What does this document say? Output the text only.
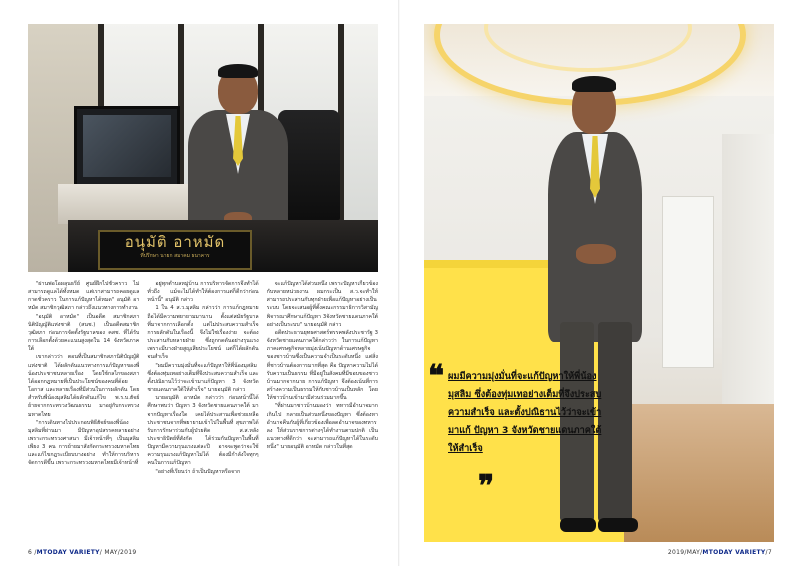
อนุมัติ อาหมัด
ที่ปรึกษา นายก สมาคม ธนาคาร

"ผ่านพ่อโอผลุนธรีย์ ศูนย์ฝึกไปชั่วคราว ไม่สามารถดูแลได้ทั้งหมด แต่เราสามารถคอยดูแลกาดชั่วคราว ในการแก้ปัญหาได้หมด" อนุมัติ อาหมัด สมาชิกวุฒิสภา กล่าวถึงแนวทางการทำงาน

"อนุมัติ อาหมัด" เป็นอดีต สมาชิกสภานิติบัญญัติแห่งชาติ (สนช.) เป็นอดีตสมาชิกวุฒิสภา ก่อนการจัดตั้งรัฐบาลของ คสช. ที่ได้รับการเลือกตั้งด้วยคะแนนสูงสุดใน 14 จังหวัดภาคใต้

เขากล่าวว่า ตอนที่เป็นสมาชิกสภานิติบัญญัติแห่งชาติ ได้ผลักดันแนวทางการแก้ปัญหาของพี่น้องประชาชนหลายเรื่อง โดยใช้กลไกของสภา ได้ออกกฎหมายที่เป็นประโยชน์ของคนที่ด้อยโอกาส และหลายเรื่องที่มีส่วนในการผลักดัน โดยสำหรับพี่น้องมุสลิมได้ผลักดันแก้ไข พ.ร.บ.ฮัจย์ ย้ายจากกระทรวงวัฒนธรรม มาอยู่กับกระทรวงมหาดไทย

"การเดินทางไปประกอบพิธีฮัจย์ของพี่น้องมุสลิมที่ผ่านมา มีปัญหาอุปสรรคหลายอย่าง เพราะกระทรวงศาสนา มีเจ้าหน้าที่ๆ เป็นมุสลิมเพียง 3 คน การย้ายมาสังกัดกระทรวงมหาดไทย และแก้ไขกฎระเบียบบางอย่าง ทำให้การบริหารจัดการดีขึ้น เพราะกระทรวงมหาดไทยมีเจ้าหน้าที่

อยู่ทุกตำบลหมู่บ้าน การบริหารจัดการจึงทำได้ทั่วถึง แม้จะไม่ได้ทำให้ต้องการแต่ก็ดีกว่าก่อนหน้านี้" อนุมัติ กล่าว

1 ใน 4 ส.ว.มุสลิม กล่าวว่า การแก้กฎหมายถือได้มีความพยายามมานาน ตั้งแต่สมัยรัฐบาลที่มาจากการเลือกตั้ง แต่ไม่ประสบความสำเร็จ การผลักดันในเรื่องนี้ จึงไม่ใช่เรื่องง่าย จะต้องประสานกับหลายฝ่าย ซึ่งถูกกดดันอย่างรุนแรง เพราะมีบางฝ่ายสูญเสียประโยชน์ แต่ก็ได้ผลักดันจนสำเร็จ

"ผมมีความมุ่งมั่นที่จะแก้ปัญหาให้พี่น้องมุสลิม ซึ่งต้องทุ่มเทอย่างเต็มที่จึงประสบความสำเร็จ และตั้งปณิธานไว้ว่าจะเข้ามาแก้ปัญหา 3 จังหวัดชายแดนภาคใต้ให้สำเร็จ" นายอนุมัติ กล่าว

นายอนุมัติ อาหมัด กล่าวว่า ก่อนหน้านี้ได้ศึกษาพบว่า ปัญหา 3 จังหวัดชายแดนภาคใต้ มาจากปัญหาเรื่องใด เคยได้ประสานเพื่อช่วยเหลือประชาชนจากที่พยายามเข้าไปในพื้นที่ สุขภาพได้รับการรักษาร่วมกับผู้ป่วยติด ส.ส.หลังประชาธิปัตย์ที่สังกัด ได้ร่วมกันปัญหาในพื้นที่ ปัญหามีความรุนแรงแต่ละปี อาจจะพูดว่าจะใช้ความรุนแรงแก้ปัญหาไม่ได้ ต้องมีกำลังใจทุกๆคนในการแก้ปัญหา

"อย่างที่เรียนว่า ถ้าเป็นปัญหาหรือจาก

จะแก้ปัญหาได้ส่วนหนึ่ง เพราะปัญหาเกี่ยวข้องกับหลายหน่วยงาน ผมกระเป็น ส.ว.จะทำให้สามารถประสานกับทุกฝ่ายเพื่อแก้ปัญหาอย่างเป็นระบบ โดยจะเสนอผู้ที่ตั้งคณะกรรมาธิการวิสามัญพิจารณาศึกษาแก้ปัญหา 3จังหวัดชายแดนภาคใต้ อย่างเป็นระบบ" นายอนุมัติ กล่าว

อดีตประธานยุทธศาสตร์พรรคพลังประชารัฐ 3 จังหวัดชายแดนภาคใต้กล่าวว่า ในการแก้ปัญหาภาคเศรษฐกิจหลายมุ่งเน้นปัญหาด้านเศรษฐกิจของชาวบ้านซึ่งเป็นความจำเป็นระดับหนึ่ง แต่สิ่งที่ชาวบ้านต้องการมากที่สุด คือ ปัญหาความไม่ได้รับความเป็นธรรม ที่มีอยู่ในสังคมที่มีขอบของชาวบ้านมากจากนาย การแก้ปัญหา จึงต้องเน้นที่การสร้างความเป็นธรรมให้กับชาวบ้านเป็นหลัก โดยให้ชาวบ้านเข้ามามีส่วนร่วมมากขึ้น

"ที่ผ่านมาชาวบ้านมองว่า ทหารมีอำนาจมากเกินไป กลายเป็นส่วนหนึ่งของปัญหา ซึ่งต้องหาอำนาจคืนกับผู้ที่เกี่ยวข้องเพื่อลดอำนาจของทหารลง ให้ส่วนราชการต่างๆได้ทำงานตามปกติ เป็นแนวทางที่ดีกว่า จะสามารถแก้ปัญหาได้ในระดับหนึ่ง" นายอนุมัติ อาหมัด กล่าวในที่สุด

6 /MTODAY VARIETY/ MAY/2019
❝ ผมมีความมุ่งมั่นที่จะแก้ปัญหาให้พี่น้องมุสลิม ซึ่งต้องทุ่มเทอย่างเต็มที่จึงประสบความสำเร็จ และตั้งปณิธานไว้ว่าจะเข้ามาแก้ ปัญหา 3 จังหวัดชายแดนภาคใต้ ให้สำเร็จ
❞
2019/MAY/MTODAY VARIETY/7
